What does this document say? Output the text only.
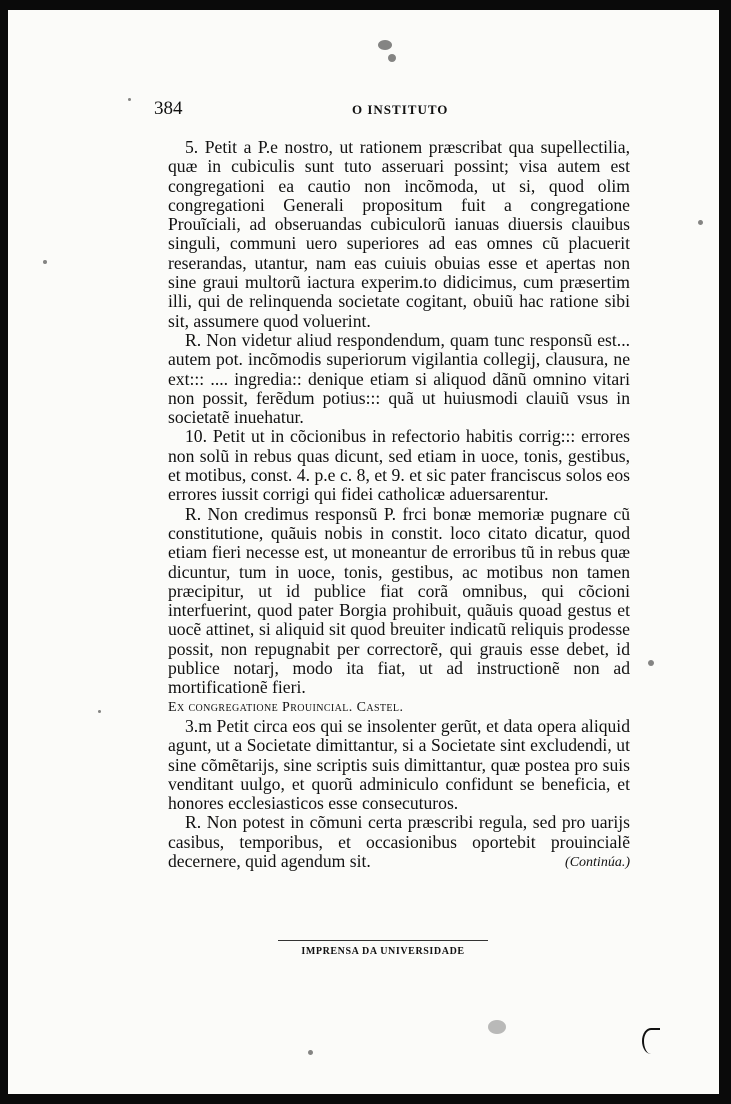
384	O INSTITUTO

5. Petit a P.e nostro, ut rationem præscribat qua supellectilia, quæ in cubiculis sunt tuto asseruari possint; visa autem est congregationi ea cautio non incõmoda, ut si, quod olim congregationi Generali propositum fuit a congregatione Prouĩciali, ad obseruandas cubiculorũ ianuas diuersis clauibus singuli, communi uero superiores ad eas omnes cũ placuerit reserandas, utantur, nam eas cuiuis obuias esse et apertas non sine graui multorũ iactura experim.to didicimus, cum præsertim illi, qui de relinquenda societate cogitant, obuiũ hac ratione sibi sit, assumere quod voluerint.

R. Non videtur aliud respondendum, quam tunc responsũ est... autem pot. incõmodis superiorum vigilantia collegij, clausura, ne ext::: .... ingredia:: denique etiam si aliquod dãnũ omnino vitari non possit, ferẽdum potius::: quã ut huiusmodi clauiũ vsus in societatẽ inuehatur.

10. Petit ut in cõcionibus in refectorio habitis corrig::: errores non solũ in rebus quas dicunt, sed etiam in uoce, tonis, gestibus, et motibus, const. 4. p.e c. 8, et 9. et sic pater franciscus solos eos errores iussit corrigi qui fidei catholicæ aduersarentur.

R. Non credimus responsũ P. frci bonæ memoriæ pugnare cũ constitutione, quãuis nobis in constit. loco citato dicatur, quod etiam fieri necesse est, ut moneantur de erroribus tũ in rebus quæ dicuntur, tum in uoce, tonis, gestibus, ac motibus non tamen præcipitur, ut id publice fiat corã omnibus, qui cõcioni interfuerint, quod pater Borgia prohibuit, quãuis quoad gestus et uocẽ attinet, si aliquid sit quod breuiter indicatũ reliquis prodesse possit, non repugnabit per correctorẽ, qui grauis esse debet, id publice notarj, modo ita fiat, ut ad instructionẽ non ad mortificationẽ fieri.

Ex congregatione Prouincial. Castel.

3.m Petit circa eos qui se insolenter gerũt, et data opera aliquid agunt, ut a Societate dimittantur, si a Societate sint excludendi, ut sine cõmẽtarijs, sine scriptis suis dimittantur, quæ postea pro suis venditant uulgo, et quorũ adminiculo confidunt se beneficia, et honores ecclesiasticos esse consecuturos.

R. Non potest in cõmuni certa præscribi regula, sed pro uarijs casibus, temporibus, et occasionibus oportebit prouincialẽ decernere, quid agendum sit.	(Continúa.)

IMPRENSA DA UNIVERSIDADE
